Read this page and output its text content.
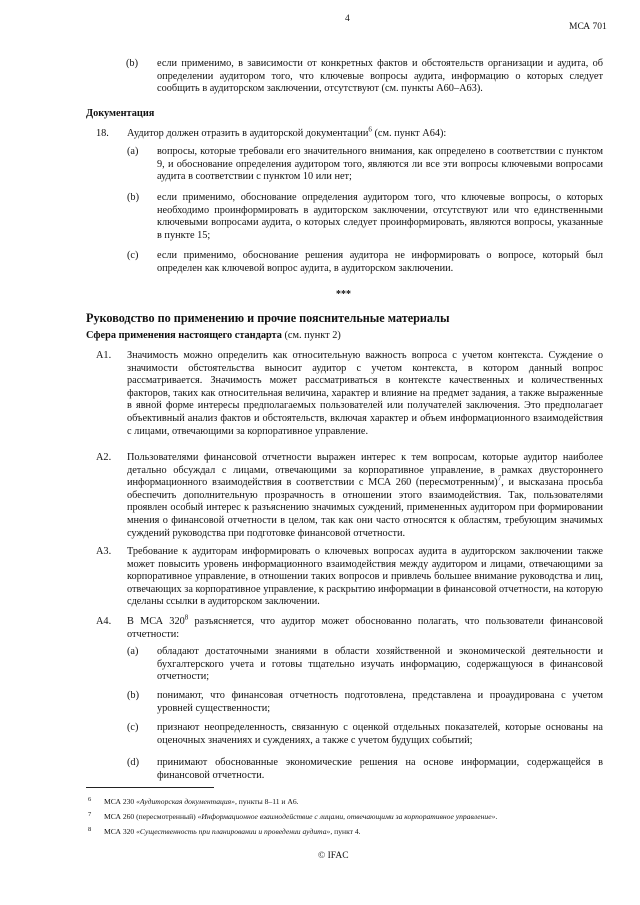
4
МСА 701
(b) если применимо, в зависимости от конкретных фактов и обстоятельств организации и аудита, об определении аудитором того, что ключевые вопросы аудита, информацию о которых следует сообщить в аудиторском заключении, отсутствуют (см. пункты A60–A63).
Документация
18. Аудитор должен отразить в аудиторской документации$^6$ (см. пункт A64):
(a) вопросы, которые требовали его значительного внимания, как определено в соответствии с пунктом 9, и обоснование определения аудитором того, являются ли все эти вопросы ключевыми вопросами аудита в соответствии с пунктом 10 или нет;
(b) если применимо, обоснование определения аудитором того, что ключевые вопросы, о которых необходимо проинформировать в аудиторском заключении, отсутствуют или что единственными ключевыми вопросами аудита, о которых следует проинформировать, являются вопросы, указанные в пункте 15;
(c) если применимо, обоснование решения аудитора не информировать о вопросе, который был определен как ключевой вопрос аудита, в аудиторском заключении.
***
Руководство по применению и прочие пояснительные материалы
Сфера применения настоящего стандарта (см. пункт 2)
A1. Значимость можно определить как относительную важность вопроса с учетом контекста. Суждение о значимости обстоятельства выносит аудитор с учетом контекста, в котором данный вопрос рассматривается. Значимость может рассматриваться в контексте качественных и количественных факторов, таких как относительная величина, характер и влияние на предмет задания, а также выраженные в явной форме интересы предполагаемых пользователей или получателей заключения. Это предполагает объективный анализ фактов и обстоятельств, включая характер и объем информационного взаимодействия с лицами, отвечающими за корпоративное управление.
A2. Пользователями финансовой отчетности выражен интерес к тем вопросам, которые аудитор наиболее детально обсуждал с лицами, отвечающими за корпоративное управление, в рамках двустороннего информационного взаимодействия в соответствии с МСА 260 (пересмотренным)$^7$, и высказана просьба обеспечить дополнительную прозрачность в отношении этого взаимодействия. Так, пользователями проявлен особый интерес к разъяснению значимых суждений, примененных аудитором при формировании мнения о финансовой отчетности в целом, так как они часто относятся к областям, требующим значимых суждений руководства при подготовке финансовой отчетности.
A3. Требование к аудиторам информировать о ключевых вопросах аудита в аудиторском заключении также может повысить уровень информационного взаимодействия между аудитором и лицами, отвечающими за корпоративное управление, в отношении таких вопросов и привлечь большее внимание руководства и лиц, отвечающих за корпоративное управление, к раскрытию информации в финансовой отчетности, на которую сделаны ссылки в аудиторском заключении.
A4. В МСА $320^8$ разъясняется, что аудитор может обоснованно полагать, что пользователи финансовой отчетности:
(a) обладают достаточными знаниями в области хозяйственной и экономической деятельности и бухгалтерского учета и готовы тщательно изучать информацию, содержащуюся в финансовой отчетности;
(b) понимают, что финансовая отчетность подготовлена, представлена и проаудирована с учетом уровней существенности;
(c) признают неопределенность, связанную с оценкой отдельных показателей, которые основаны на оценочных значениях и суждениях, а также с учетом будущих событий;
(d) принимают обоснованные экономические решения на основе информации, содержащейся в финансовой отчетности.
6 МСА 230 «Аудиторская документация», пункты 8–11 и A6.
7 МСА 260 (пересмотренный) «Информационное взаимодействие с лицами, отвечающими за корпоративное управление».
8 МСА 320 «Существенность при планировании и проведении аудита», пункт 4.
© IFAC
